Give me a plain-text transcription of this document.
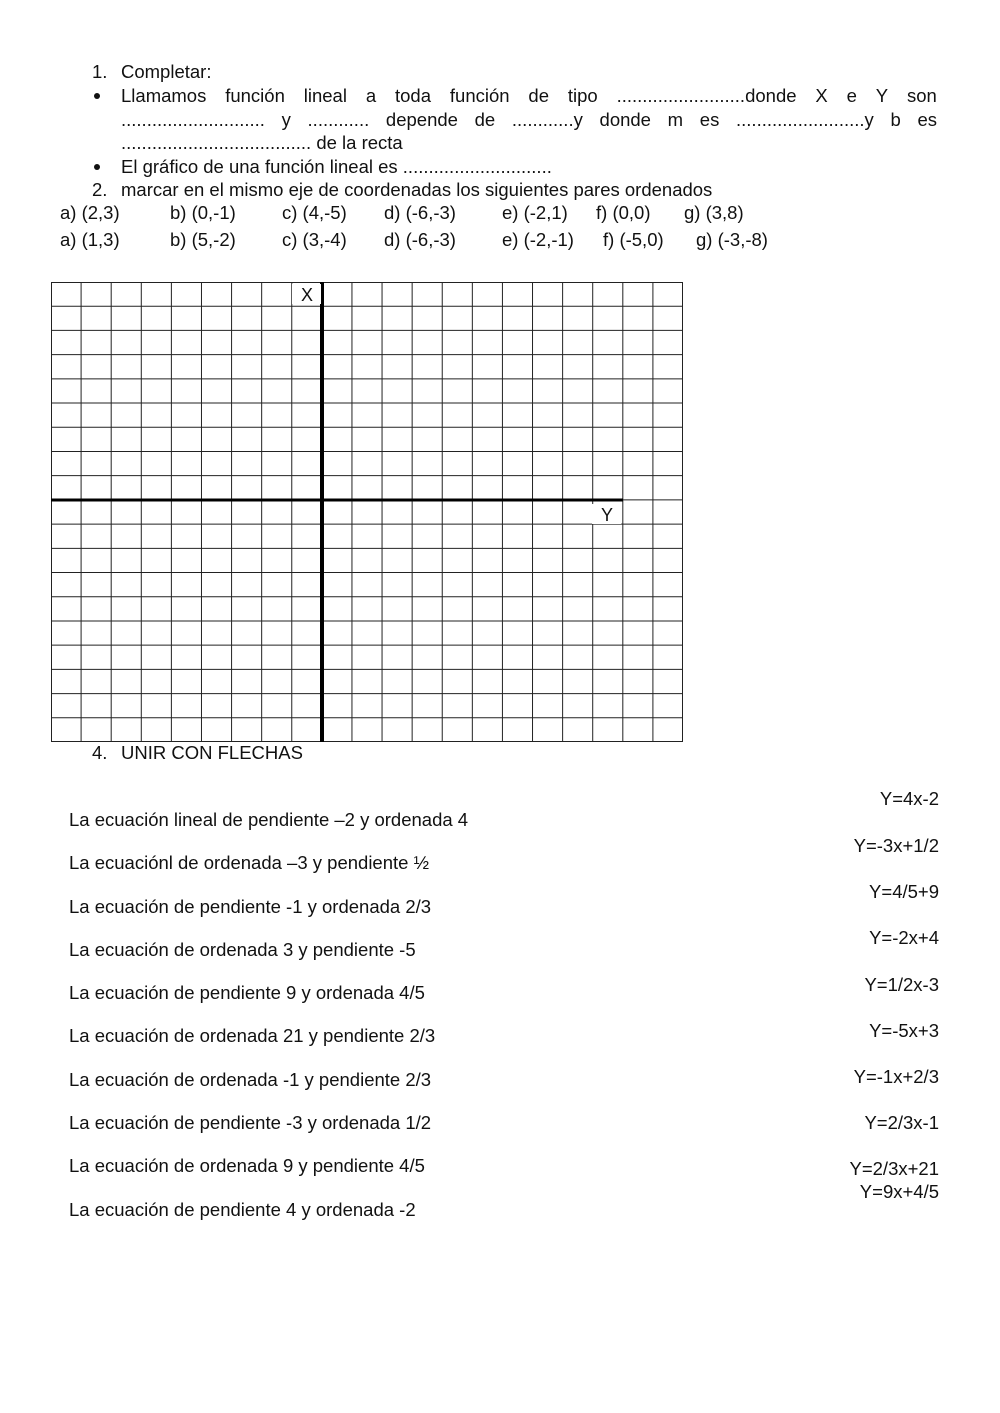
1. Completar:
Llamamos función lineal a toda función de tipo .........................donde X e Y son
............................ y ............ depende de ............y donde m es .........................y b es
..................................... de la recta
El gráfico de una función lineal es .............................
2. marcar en el mismo eje de coordenadas los siguientes pares ordenados
a) (2,3)	b) (0,-1) c) (4,-5) d) (-6,-3) e) (-2,1) f) (0,0) g) (3,8)
a) (1,3)	b) (5,-2) c) (3,-4) d) (-6,-3) e) (-2,-1) f) (-5,0) g) (-3,-8)
X
Y
4. UNIR CON FLECHAS
La ecuación lineal de pendiente –2 y ordenada 4
La ecuaciónl de ordenada –3 y pendiente ½
La ecuación de pendiente -1 y ordenada 2/3
La ecuación de ordenada 3 y pendiente -5
La ecuación de pendiente 9 y ordenada 4/5
La ecuación de ordenada 21 y pendiente 2/3
La ecuación de ordenada -1 y pendiente 2/3
La ecuación de pendiente -3 y ordenada 1/2
La ecuación de ordenada 9 y pendiente 4/5
La ecuación de pendiente 4 y ordenada -2
Y=4x-2
Y=-3x+1/2
Y=4/5+9
Y=-2x+4
Y=1/2x-3
Y=-5x+3
Y=-1x+2/3
Y=2/3x-1
Y=2/3x+21
Y=9x+4/5
